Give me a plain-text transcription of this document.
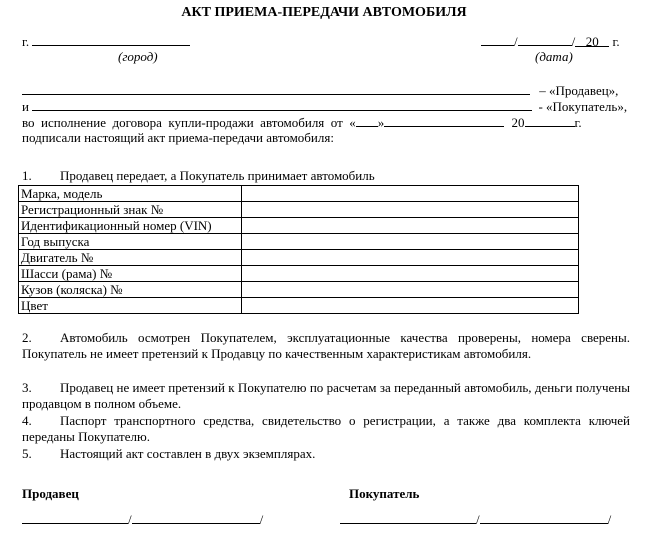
АКТ ПРИЕМА-ПЕРЕДАЧИ АВТОМОБИЛЯ
г.
(город)
/	/ 20 г.
(дата)
– «Продавец»,
и	- «Покупатель»,
во  исполнение  договора  купли-продажи  автомобиля  от  « »	20	г.
подписали настоящий акт приема-передачи автомобиля:
1. Продавец передает, а Покупатель принимает автомобиль
Марка, модель	
Регистрационный знак №	
Идентификационный номер (VIN)	
Год выпуска	
Двигатель №	
Шасси (рама) №	
Кузов (коляска) №	
Цвет	
2. Автомобиль осмотрен Покупателем, эксплуатационные качества проверены, номера сверены. Покупатель не имеет претензий к Продавцу по качественным характеристикам автомобиля.
3. Продавец не имеет претензий к Покупателю по расчетам за переданный автомобиль, деньги получены продавцом в полном объеме.
4. Паспорт транспортного средства, свидетельство о регистрации, а также два комплекта ключей переданы Покупателю.
5. Настоящий акт составлен в двух экземплярах.
Продавец	Покупатель
/	/	/	/
